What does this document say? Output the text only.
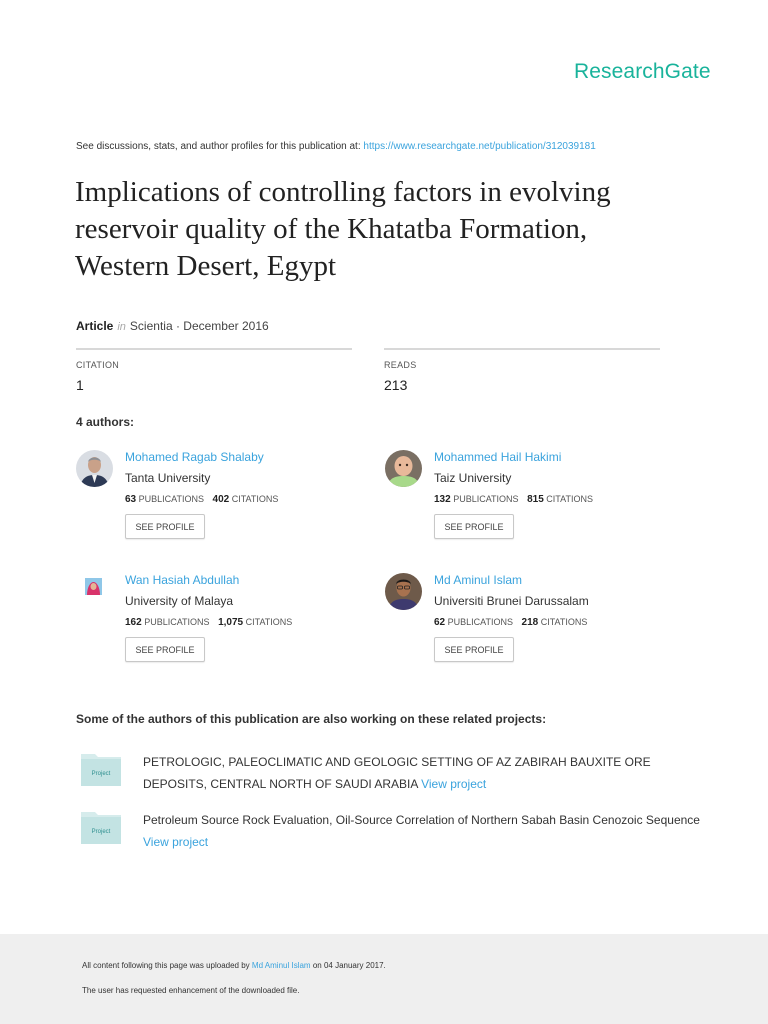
ResearchGate
See discussions, stats, and author profiles for this publication at: https://www.researchgate.net/publication/312039181
Implications of controlling factors in evolving
reservoir quality of the Khatatba Formation,
Western Desert, Egypt
Article in Scientia · December 2016
CITATION
1
READS
213
4 authors:
Mohamed Ragab Shalaby
Tanta University
63 PUBLICATIONS 402 CITATIONS
SEE PROFILE
Mohammed Hail Hakimi
Taiz University
132 PUBLICATIONS 815 CITATIONS
SEE PROFILE
Wan Hasiah Abdullah
University of Malaya
162 PUBLICATIONS 1,075 CITATIONS
SEE PROFILE
Md Aminul Islam
Universiti Brunei Darussalam
62 PUBLICATIONS 218 CITATIONS
SEE PROFILE
Some of the authors of this publication are also working on these related projects:
Project
PETROLOGIC, PALEOCLIMATIC AND GEOLOGIC SETTING OF AZ ZABIRAH BAUXITE ORE DEPOSITS, CENTRAL NORTH OF SAUDI ARABIA View project
Project
Petroleum Source Rock Evaluation, Oil-Source Correlation of Northern Sabah Basin Cenozoic Sequence
View project
All content following this page was uploaded by Md Aminul Islam on 04 January 2017.
The user has requested enhancement of the downloaded file.
